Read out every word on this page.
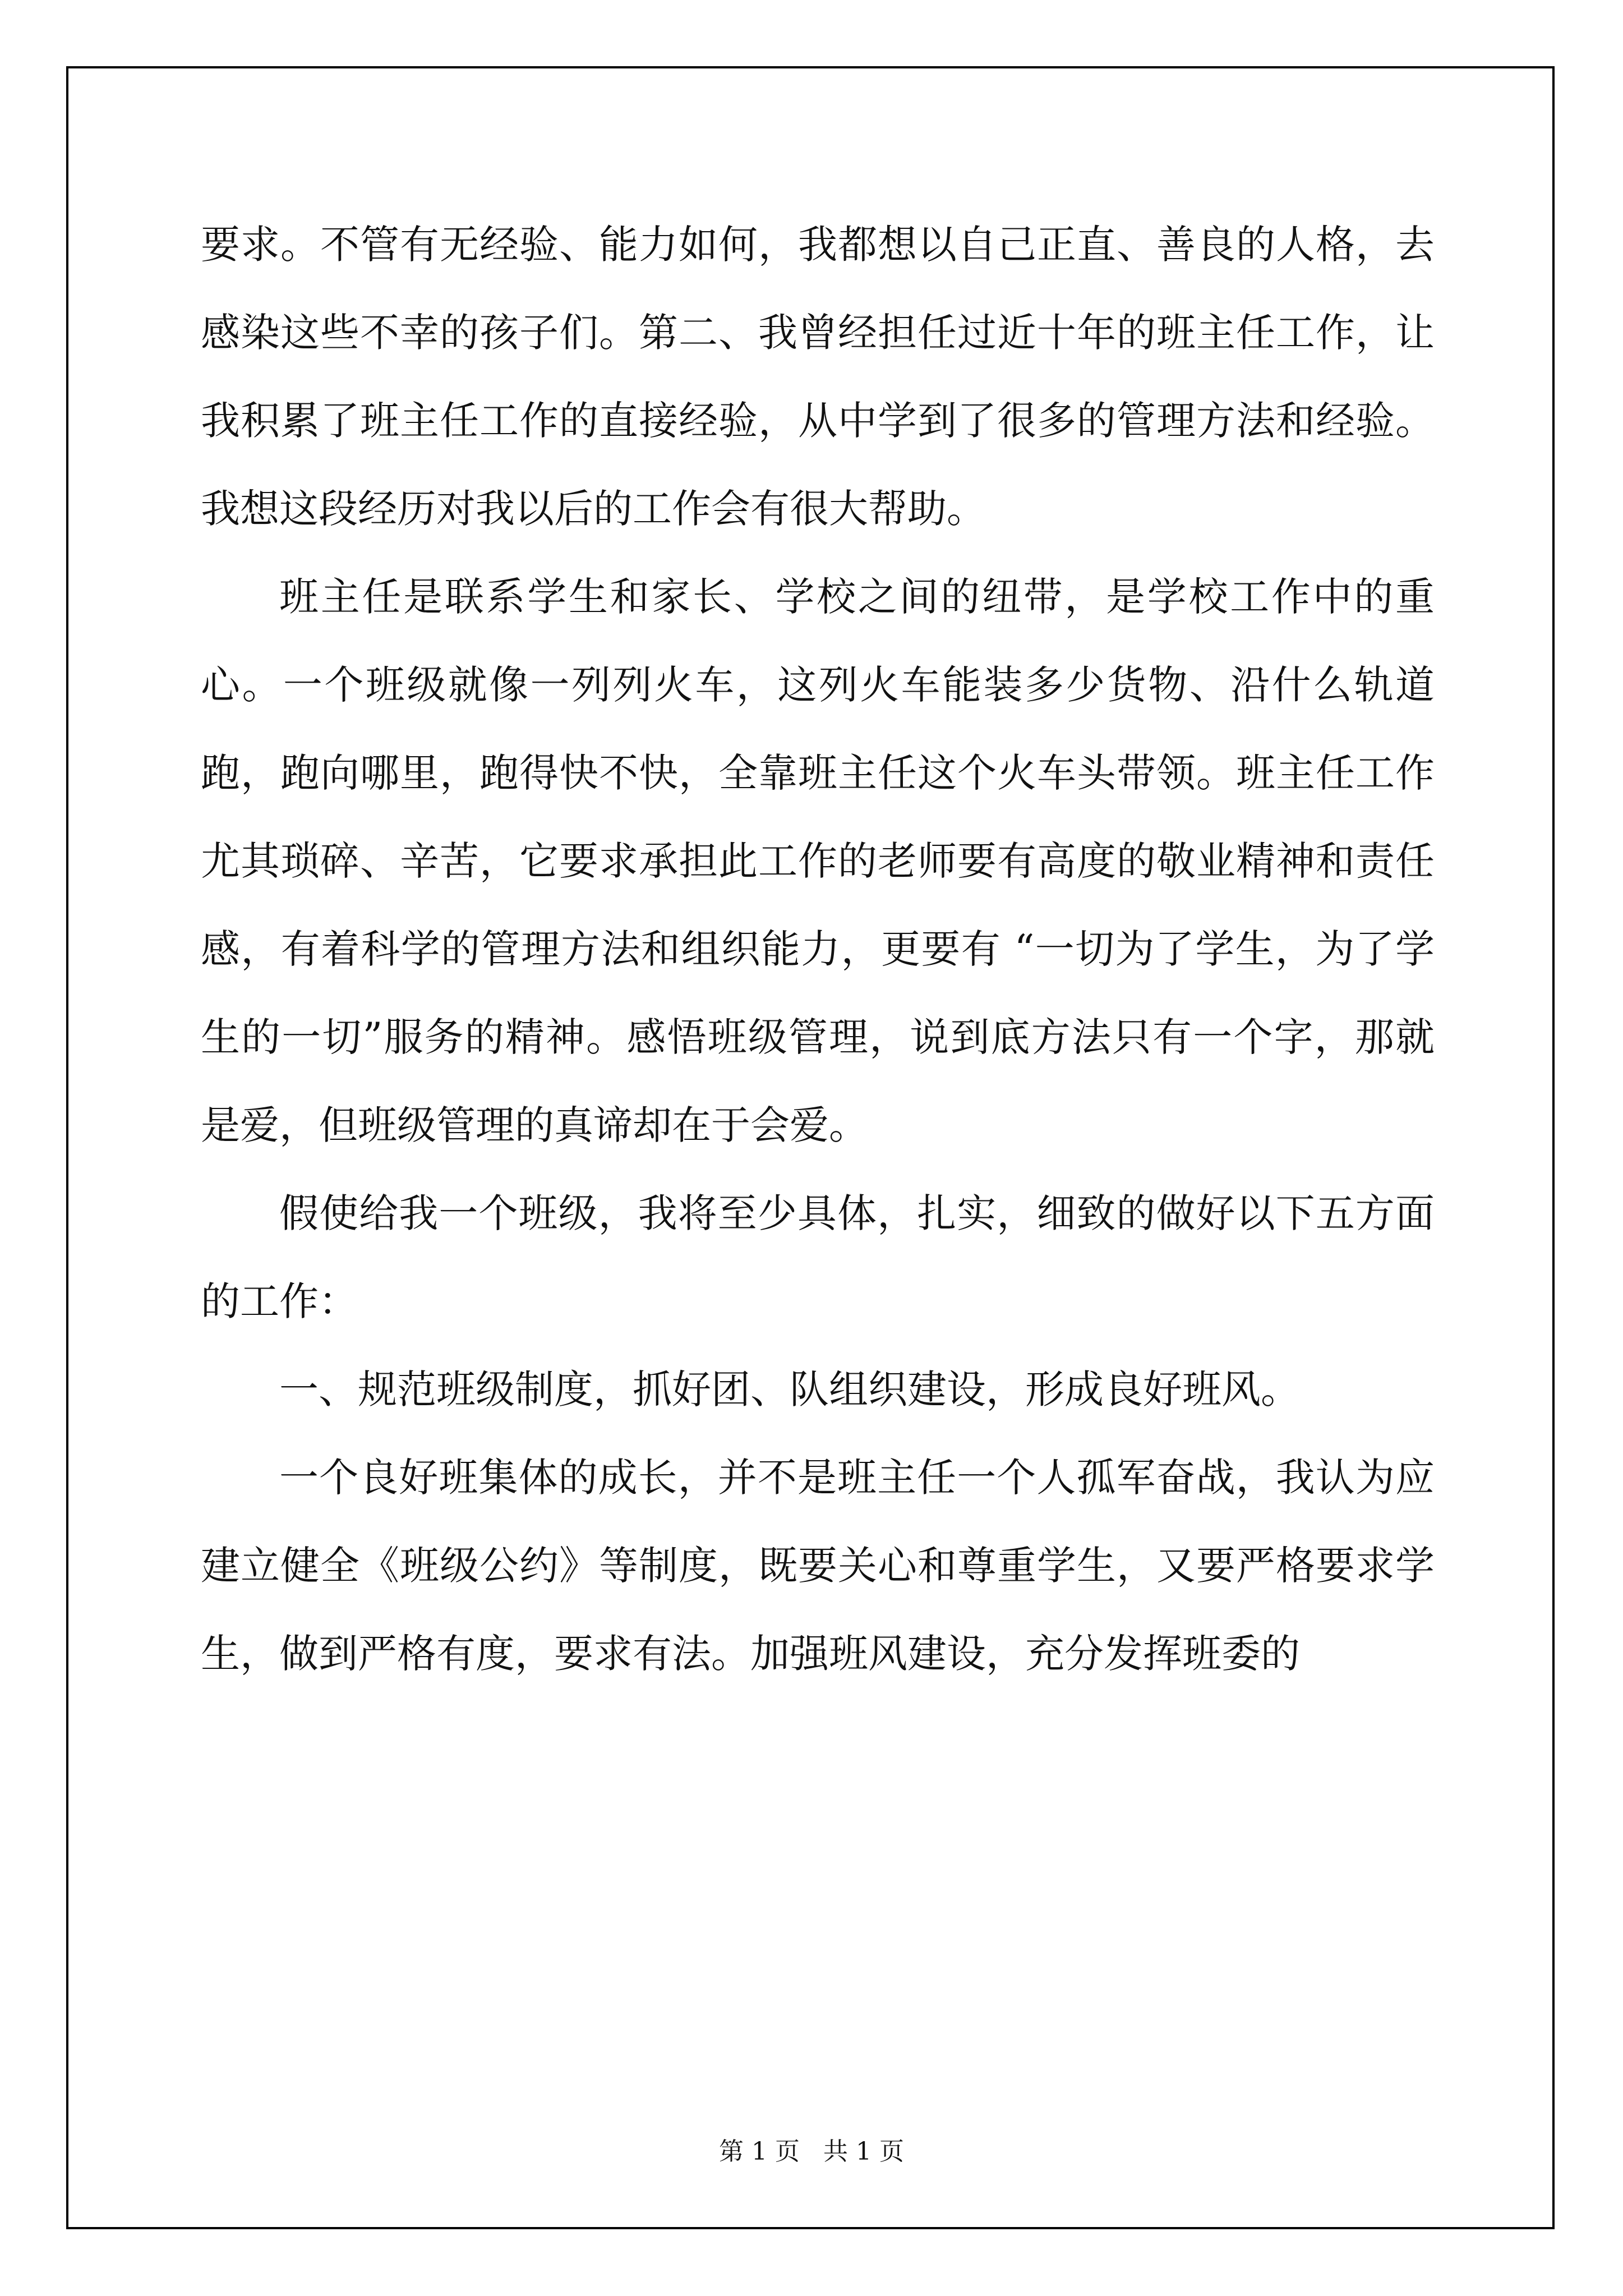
要求。不管有无经验、能力如何，我都想以自己正直、善良的人格，去感染这些不幸的孩子们。第二、我曾经担任过近十年的班主任工作，让我积累了班主任工作的直接经验，从中学到了很多的管理方法和经验。我想这段经历对我以后的工作会有很大帮助。

班主任是联系学生和家长、学校之间的纽带，是学校工作中的重心。一个班级就像一列列火车，这列火车能装多少货物、沿什么轨道跑，跑向哪里，跑得快不快，全靠班主任这个火车头带领。班主任工作尤其琐碎、辛苦，它要求承担此工作的老师要有高度的敬业精神和责任感，有着科学的管理方法和组织能力，更要有 “一切为了学生，为了学生的一切”服务的精神。感悟班级管理，说到底方法只有一个字，那就是爱，但班级管理的真谛却在于会爱。

假使给我一个班级，我将至少具体，扎实，细致的做好以下五方面的工作：

一、规范班级制度，抓好团、队组织建设，形成良好班风。

一个良好班集体的成长，并不是班主任一个人孤军奋战，我认为应建立健全《班级公约》等制度，既要关心和尊重学生，又要严格要求学生，做到严格有度，要求有法。加强班风建设，充分发挥班委的

第 1 页   共 1 页
